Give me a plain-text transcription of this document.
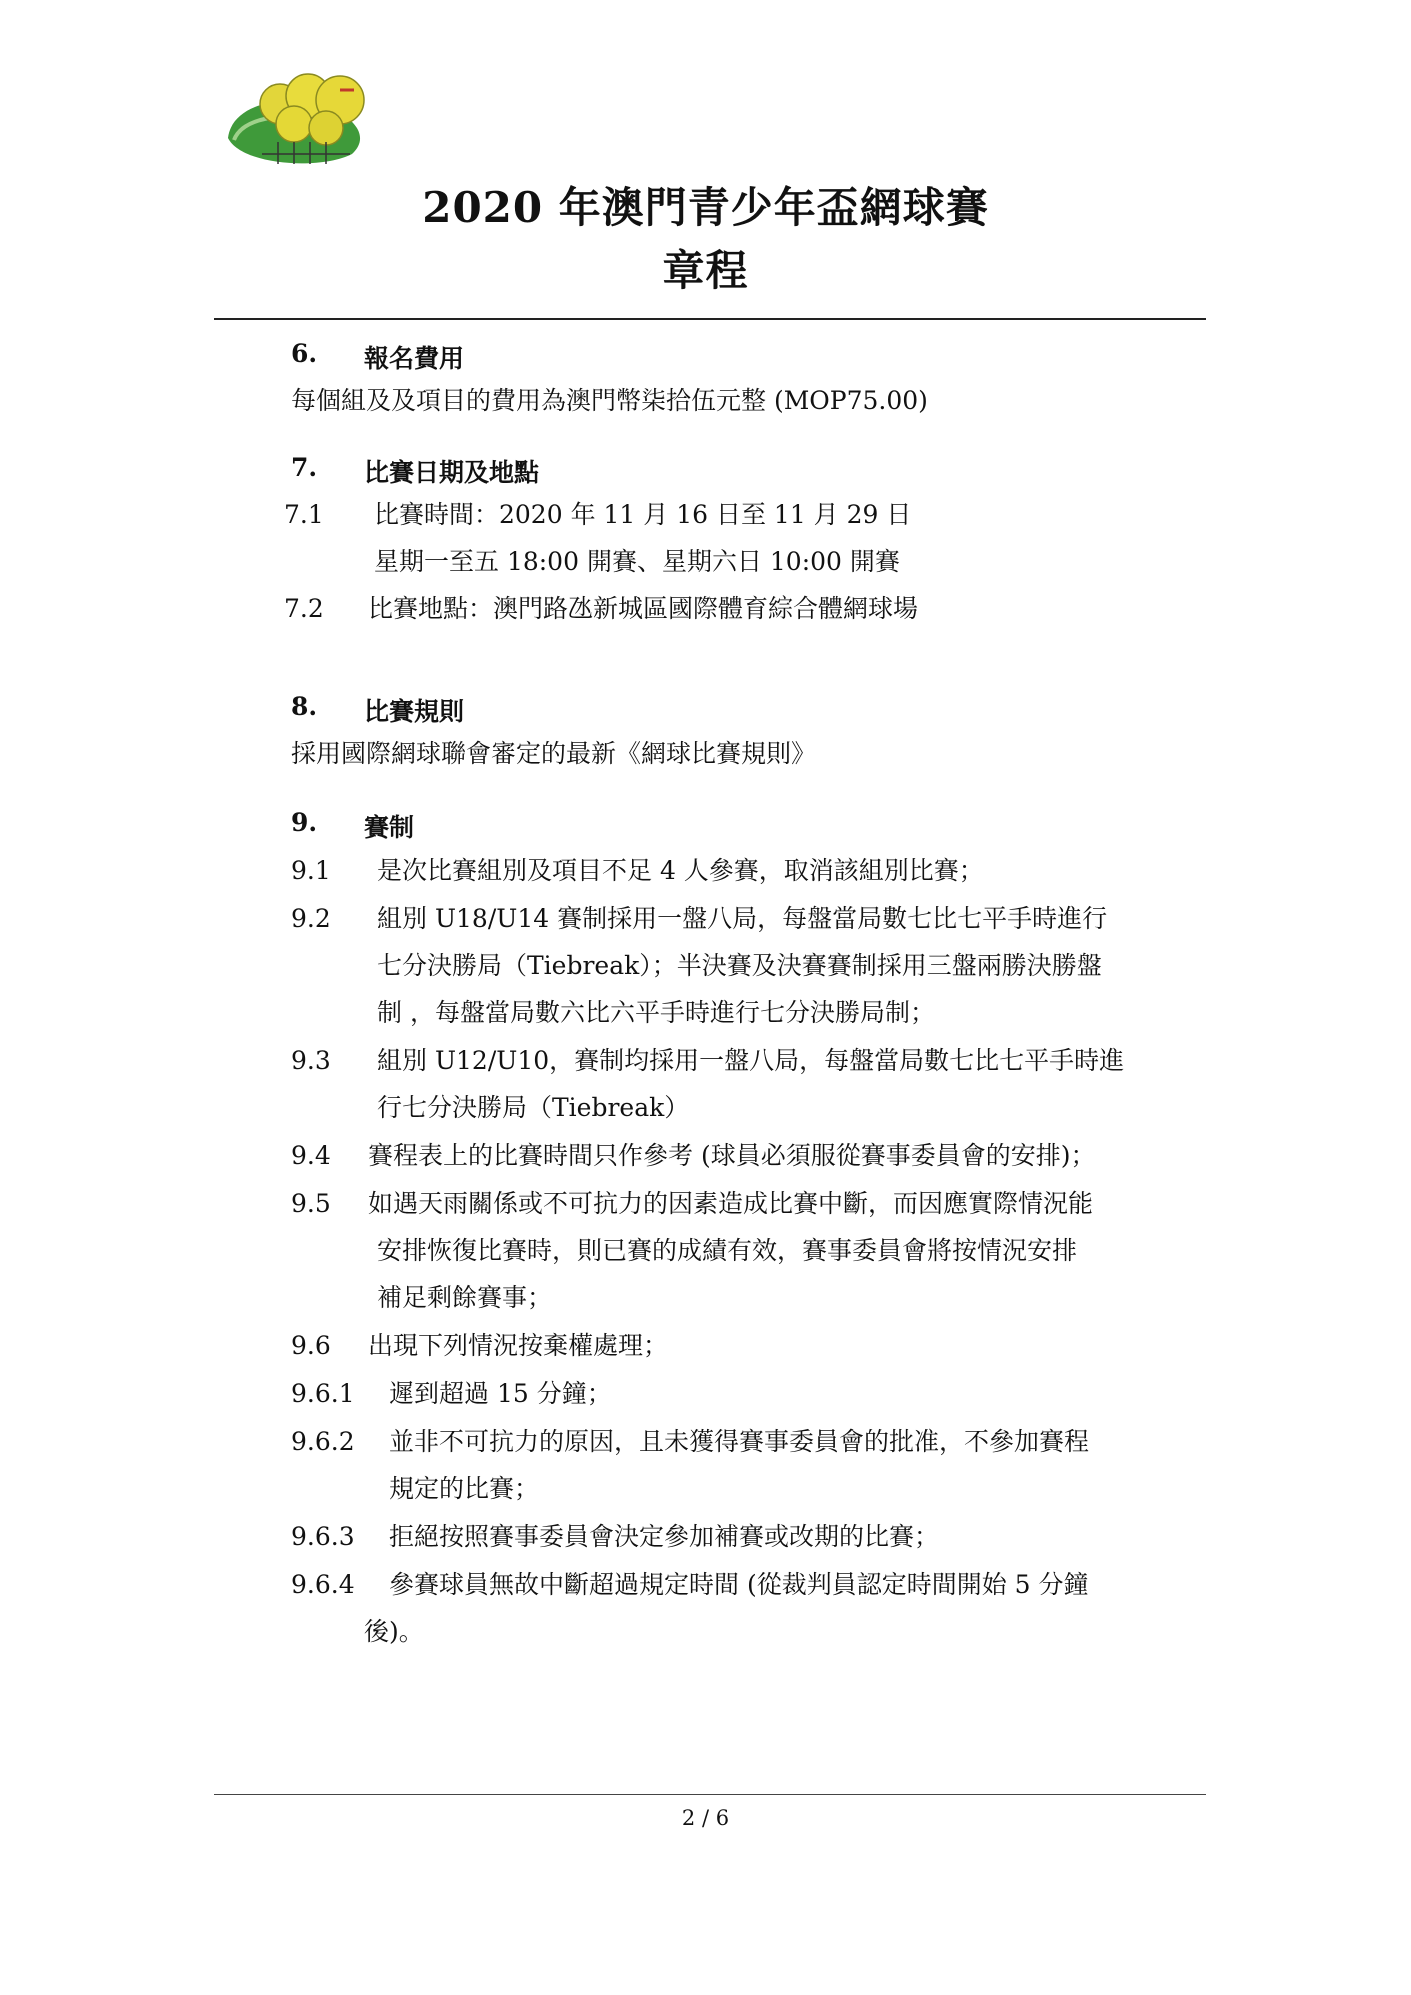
2020 年澳門青少年盃網球賽
章程
6. 報名費用
每個組及及項目的費用為澳門幣柒拾伍元整 (MOP75.00)
7. 比賽日期及地點
7.1 比賽時間：2020 年 11 月 16 日至 11 月 29 日
星期一至五 18:00 開賽、星期六日 10:00 開賽
7.2 比賽地點：澳門路氹新城區國際體育綜合體網球場
8. 比賽規則
採用國際網球聯會審定的最新《網球比賽規則》
9. 賽制
9.1 是次比賽組別及項目不足 4 人參賽，取消該組別比賽；
9.2 組別 U18/U14 賽制採用一盤八局，每盤當局數七比七平手時進行
七分決勝局（Tiebreak）；半決賽及決賽賽制採用三盤兩勝決勝盤
制 ，每盤當局數六比六平手時進行七分決勝局制；
9.3 組別 U12/U10，賽制均採用一盤八局，每盤當局數七比七平手時進
行七分決勝局（Tiebreak）
9.4 賽程表上的比賽時間只作參考 (球員必須服從賽事委員會的安排)；
9.5 如遇天雨關係或不可抗力的因素造成比賽中斷，而因應實際情況能
安排恢復比賽時，則已賽的成績有效，賽事委員會將按情況安排
補足剩餘賽事；
9.6 出現下列情況按棄權處理；
9.6.1 遲到超過 15 分鐘；
9.6.2 並非不可抗力的原因，且未獲得賽事委員會的批准，不參加賽程
規定的比賽；
9.6.3 拒絕按照賽事委員會決定參加補賽或改期的比賽；
9.6.4 參賽球員無故中斷超過規定時間 (從裁判員認定時間開始 5 分鐘
後)。
2 / 6
